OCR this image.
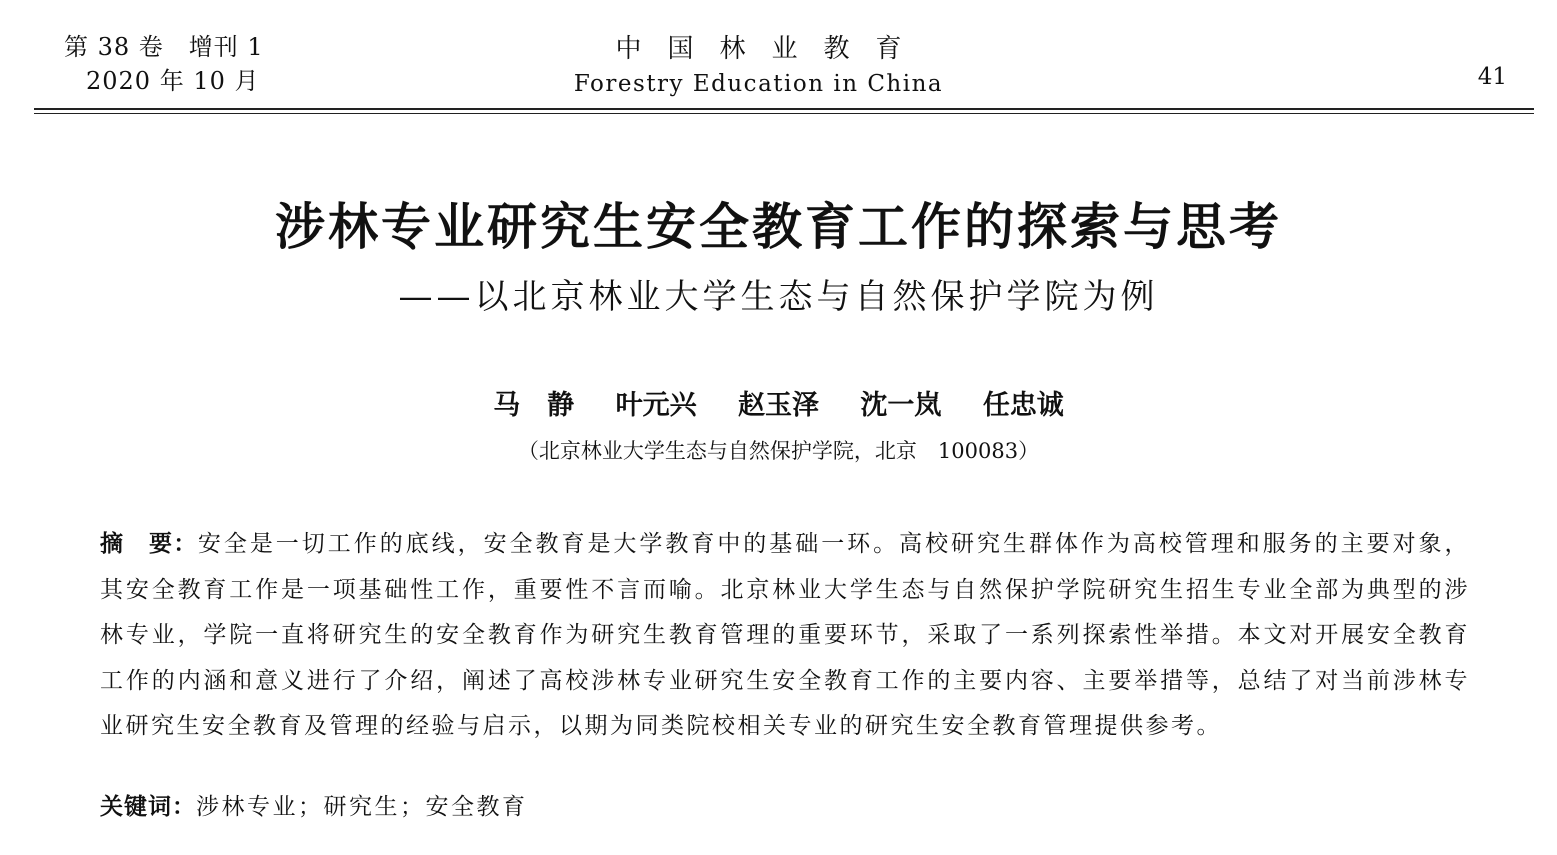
第 38 卷　增刊 1
2020 年 10 月
中国林业教育
Forestry Education in China	41
涉林专业研究生安全教育工作的探索与思考
——以北京林业大学生态与自然保护学院为例
马　静 叶元兴 赵玉泽 沈一岚 任忠诚
（北京林业大学生态与自然保护学院，北京　100083）
摘　要：安全是一切工作的底线，安全教育是大学教育中的基础一环。高校研究生群体作为高校管理和服务的主要对象，其安全教育工作是一项基础性工作，重要性不言而喻。北京林业大学生态与自然保护学院研究生招生专业全部为典型的涉林专业，学院一直将研究生的安全教育作为研究生教育管理的重要环节，采取了一系列探索性举措。本文对开展安全教育工作的内涵和意义进行了介绍，阐述了高校涉林专业研究生安全教育工作的主要内容、主要举措等，总结了对当前涉林专业研究生安全教育及管理的经验与启示，以期为同类院校相关专业的研究生安全教育管理提供参考。
关键词：涉林专业；研究生；安全教育
